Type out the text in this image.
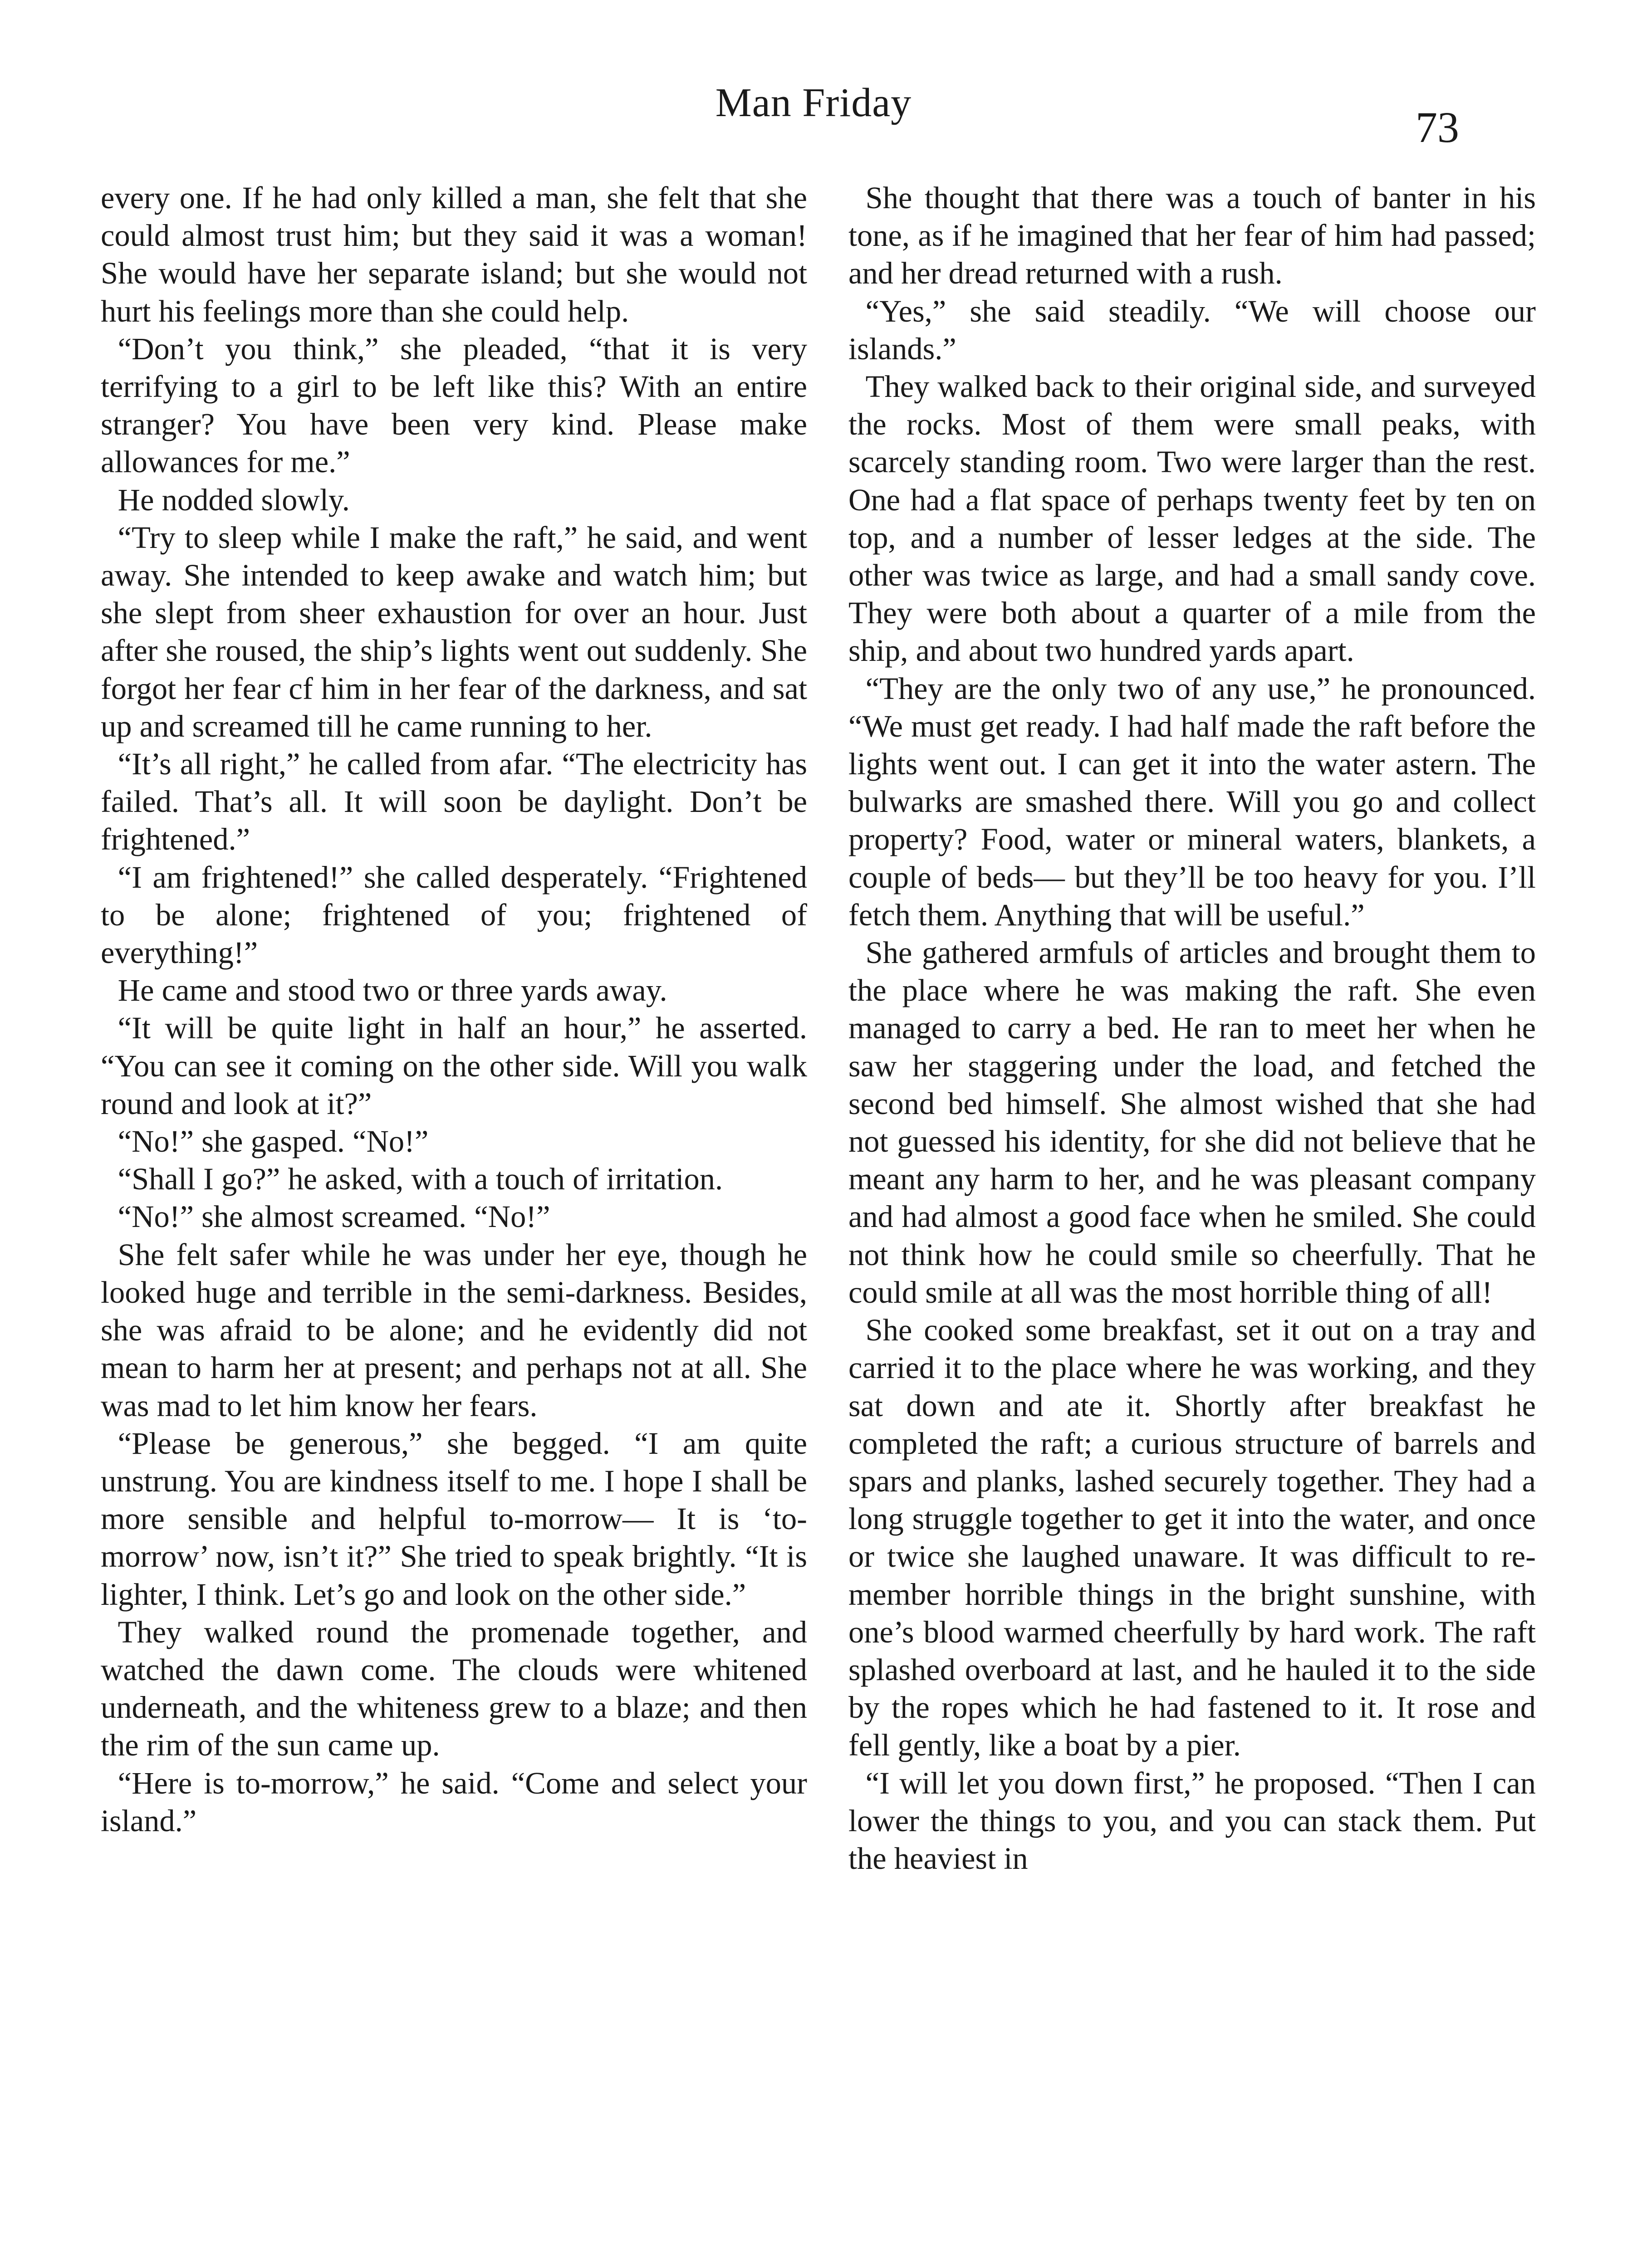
Man Friday
73

every one. If he had only killed a man, she felt that she could almost trust him; but they said it was a woman! She would have her separate island; but she would not hurt his feelings more than she could help.

“Don’t you think,” she pleaded, “that it is very terrifying to a girl to be left like this? With an entire stranger? You have been very kind. Please make allowances for me.”

He nodded slowly.

“Try to sleep while I make the raft,” he said, and went away. She intended to keep awake and watch him; but she slept from sheer exhaustion for over an hour. Just after she roused, the ship’s lights went out suddenly. She forgot her fear cf him in her fear of the darkness, and sat up and screamed till he came running to her.

“It’s all right,” he called from afar. “The electricity has failed. That’s all. It will soon be daylight. Don’t be frightened.”

“I am frightened!” she called desperately. “Frightened to be alone; frightened of you; frightened of everything!”

He came and stood two or three yards away.

“It will be quite light in half an hour,” he asserted. “You can see it coming on the other side. Will you walk round and look at it?”

“No!” she gasped. “No!”

“Shall I go?” he asked, with a touch of irritation.

“No!” she almost screamed. “No!”

She felt safer while he was under her eye, though he looked huge and terrible in the semi-darkness. Besides, she was afraid to be alone; and he evidently did not mean to harm her at present; and perhaps not at all. She was mad to let him know her fears.

“Please be generous,” she begged. “I am quite unstrung. You are kindness itself to me. I hope I shall be more sensible and helpful to-morrow— It is ‘to-morrow’ now, isn’t it?” She tried to speak brightly. “It is lighter, I think. Let’s go and look on the other side.”

They walked round the promenade together, and watched the dawn come. The clouds were whitened underneath, and the whiteness grew to a blaze; and then the rim of the sun came up.

“Here is to-morrow,” he said. “Come and select your island.”

She thought that there was a touch of banter in his tone, as if he imagined that her fear of him had passed; and her dread returned with a rush.

“Yes,” she said steadily. “We will choose our islands.”

They walked back to their original side, and surveyed the rocks. Most of them were small peaks, with scarcely standing room. Two were larger than the rest. One had a flat space of perhaps twenty feet by ten on top, and a number of lesser ledges at the side. The other was twice as large, and had a small sandy cove. They were both about a quarter of a mile from the ship, and about two hundred yards apart.

“They are the only two of any use,” he pronounced. “We must get ready. I had half made the raft before the lights went out. I can get it into the water astern. The bulwarks are smashed there. Will you go and collect property? Food, water or mineral waters, blankets, a couple of beds— but they’ll be too heavy for you. I’ll fetch them. Anything that will be useful.”

She gathered armfuls of articles and brought them to the place where he was making the raft. She even managed to carry a bed. He ran to meet her when he saw her staggering under the load, and fetched the second bed himself. She almost wished that she had not guessed his identity, for she did not believe that he meant any harm to her, and he was pleasant company and had almost a good face when he smiled. She could not think how he could smile so cheerfully. That he could smile at all was the most horrible thing of all!

She cooked some breakfast, set it out on a tray and carried it to the place where he was working, and they sat down and ate it. Shortly after breakfast he completed the raft; a curious structure of barrels and spars and planks, lashed securely together. They had a long struggle together to get it into the water, and once or twice she laughed unaware. It was difficult to remember horrible things in the bright sunshine, with one’s blood warmed cheerfully by hard work. The raft splashed overboard at last, and he hauled it to the side by the ropes which he had fastened to it. It rose and fell gently, like a boat by a pier.

“I will let you down first,” he proposed. “Then I can lower the things to you, and you can stack them. Put the heaviest in
